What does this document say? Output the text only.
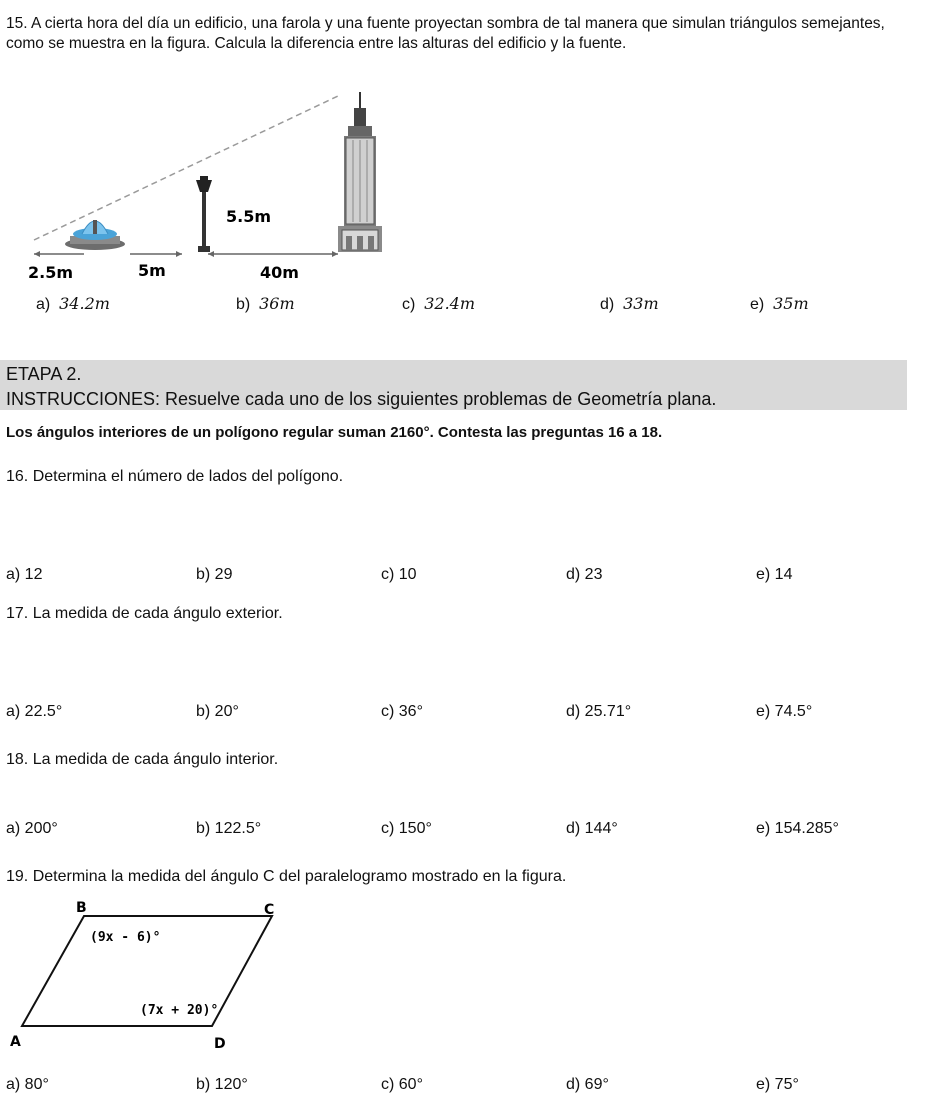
15. A cierta hora del día un edificio, una farola y una fuente proyectan sombra de tal manera que simulan triángulos semejantes, como se muestra en la figura. Calcula la diferencia entre las alturas del edificio y la fuente.
5.5m
2.5m	5m	40m
a) 34.2m	b) 36m	c) 32.4m	d) 33m	e) 35m
ETAPA 2.
INSTRUCCIONES: Resuelve cada uno de los siguientes problemas de Geometría plana.
Los ángulos interiores de un polígono regular suman 2160°. Contesta las preguntas 16 a 18.
16. Determina el número de lados del polígono.
a) 12	b) 29	c) 10	d) 23	e) 14
17. La medida de cada ángulo exterior.
a) 22.5°	b) 20°	c) 36°	d) 25.71°	e) 74.5°
18. La medida de cada ángulo interior.
a) 200°	b) 122.5°	c) 150°	d) 144°	e) 154.285°
19. Determina la medida del ángulo C del paralelogramo mostrado en la figura.
B	C
A	D
(9x - 6)°
(7x + 20)°
a) 80°	b) 120°	c) 60°	d) 69°	e) 75°
